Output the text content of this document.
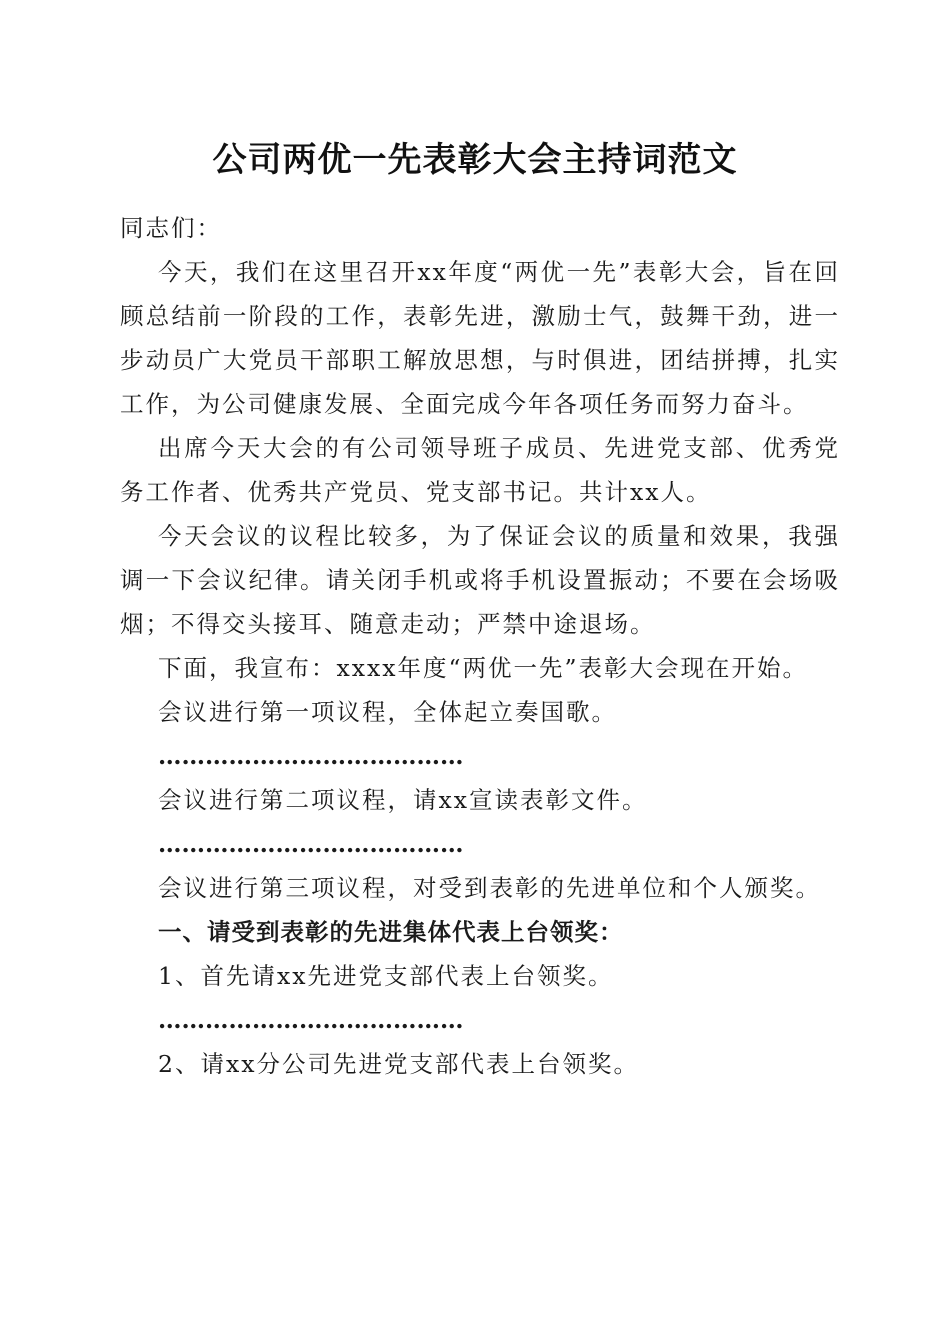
公司两优一先表彰大会主持词范文

同志们：

今天，我们在这里召开xx年度“两优一先”表彰大会，旨在回顾总结前一阶段的工作，表彰先进，激励士气，鼓舞干劲，进一步动员广大党员干部职工解放思想，与时俱进，团结拼搏，扎实工作，为公司健康发展、全面完成今年各项任务而努力奋斗。

出席今天大会的有公司领导班子成员、先进党支部、优秀党务工作者、优秀共产党员、党支部书记。共计xx人。

今天会议的议程比较多，为了保证会议的质量和效果，我强调一下会议纪律。请关闭手机或将手机设置振动；不要在会场吸烟；不得交头接耳、随意走动；严禁中途退场。

下面，我宣布：xxxx年度“两优一先”表彰大会现在开始。

会议进行第一项议程，全体起立奏国歌。

…………………………………

会议进行第二项议程，请xx宣读表彰文件。

…………………………………

会议进行第三项议程，对受到表彰的先进单位和个人颁奖。

一、请受到表彰的先进集体代表上台领奖：

1、首先请xx先进党支部代表上台领奖。

…………………………………

2、请xx分公司先进党支部代表上台领奖。
